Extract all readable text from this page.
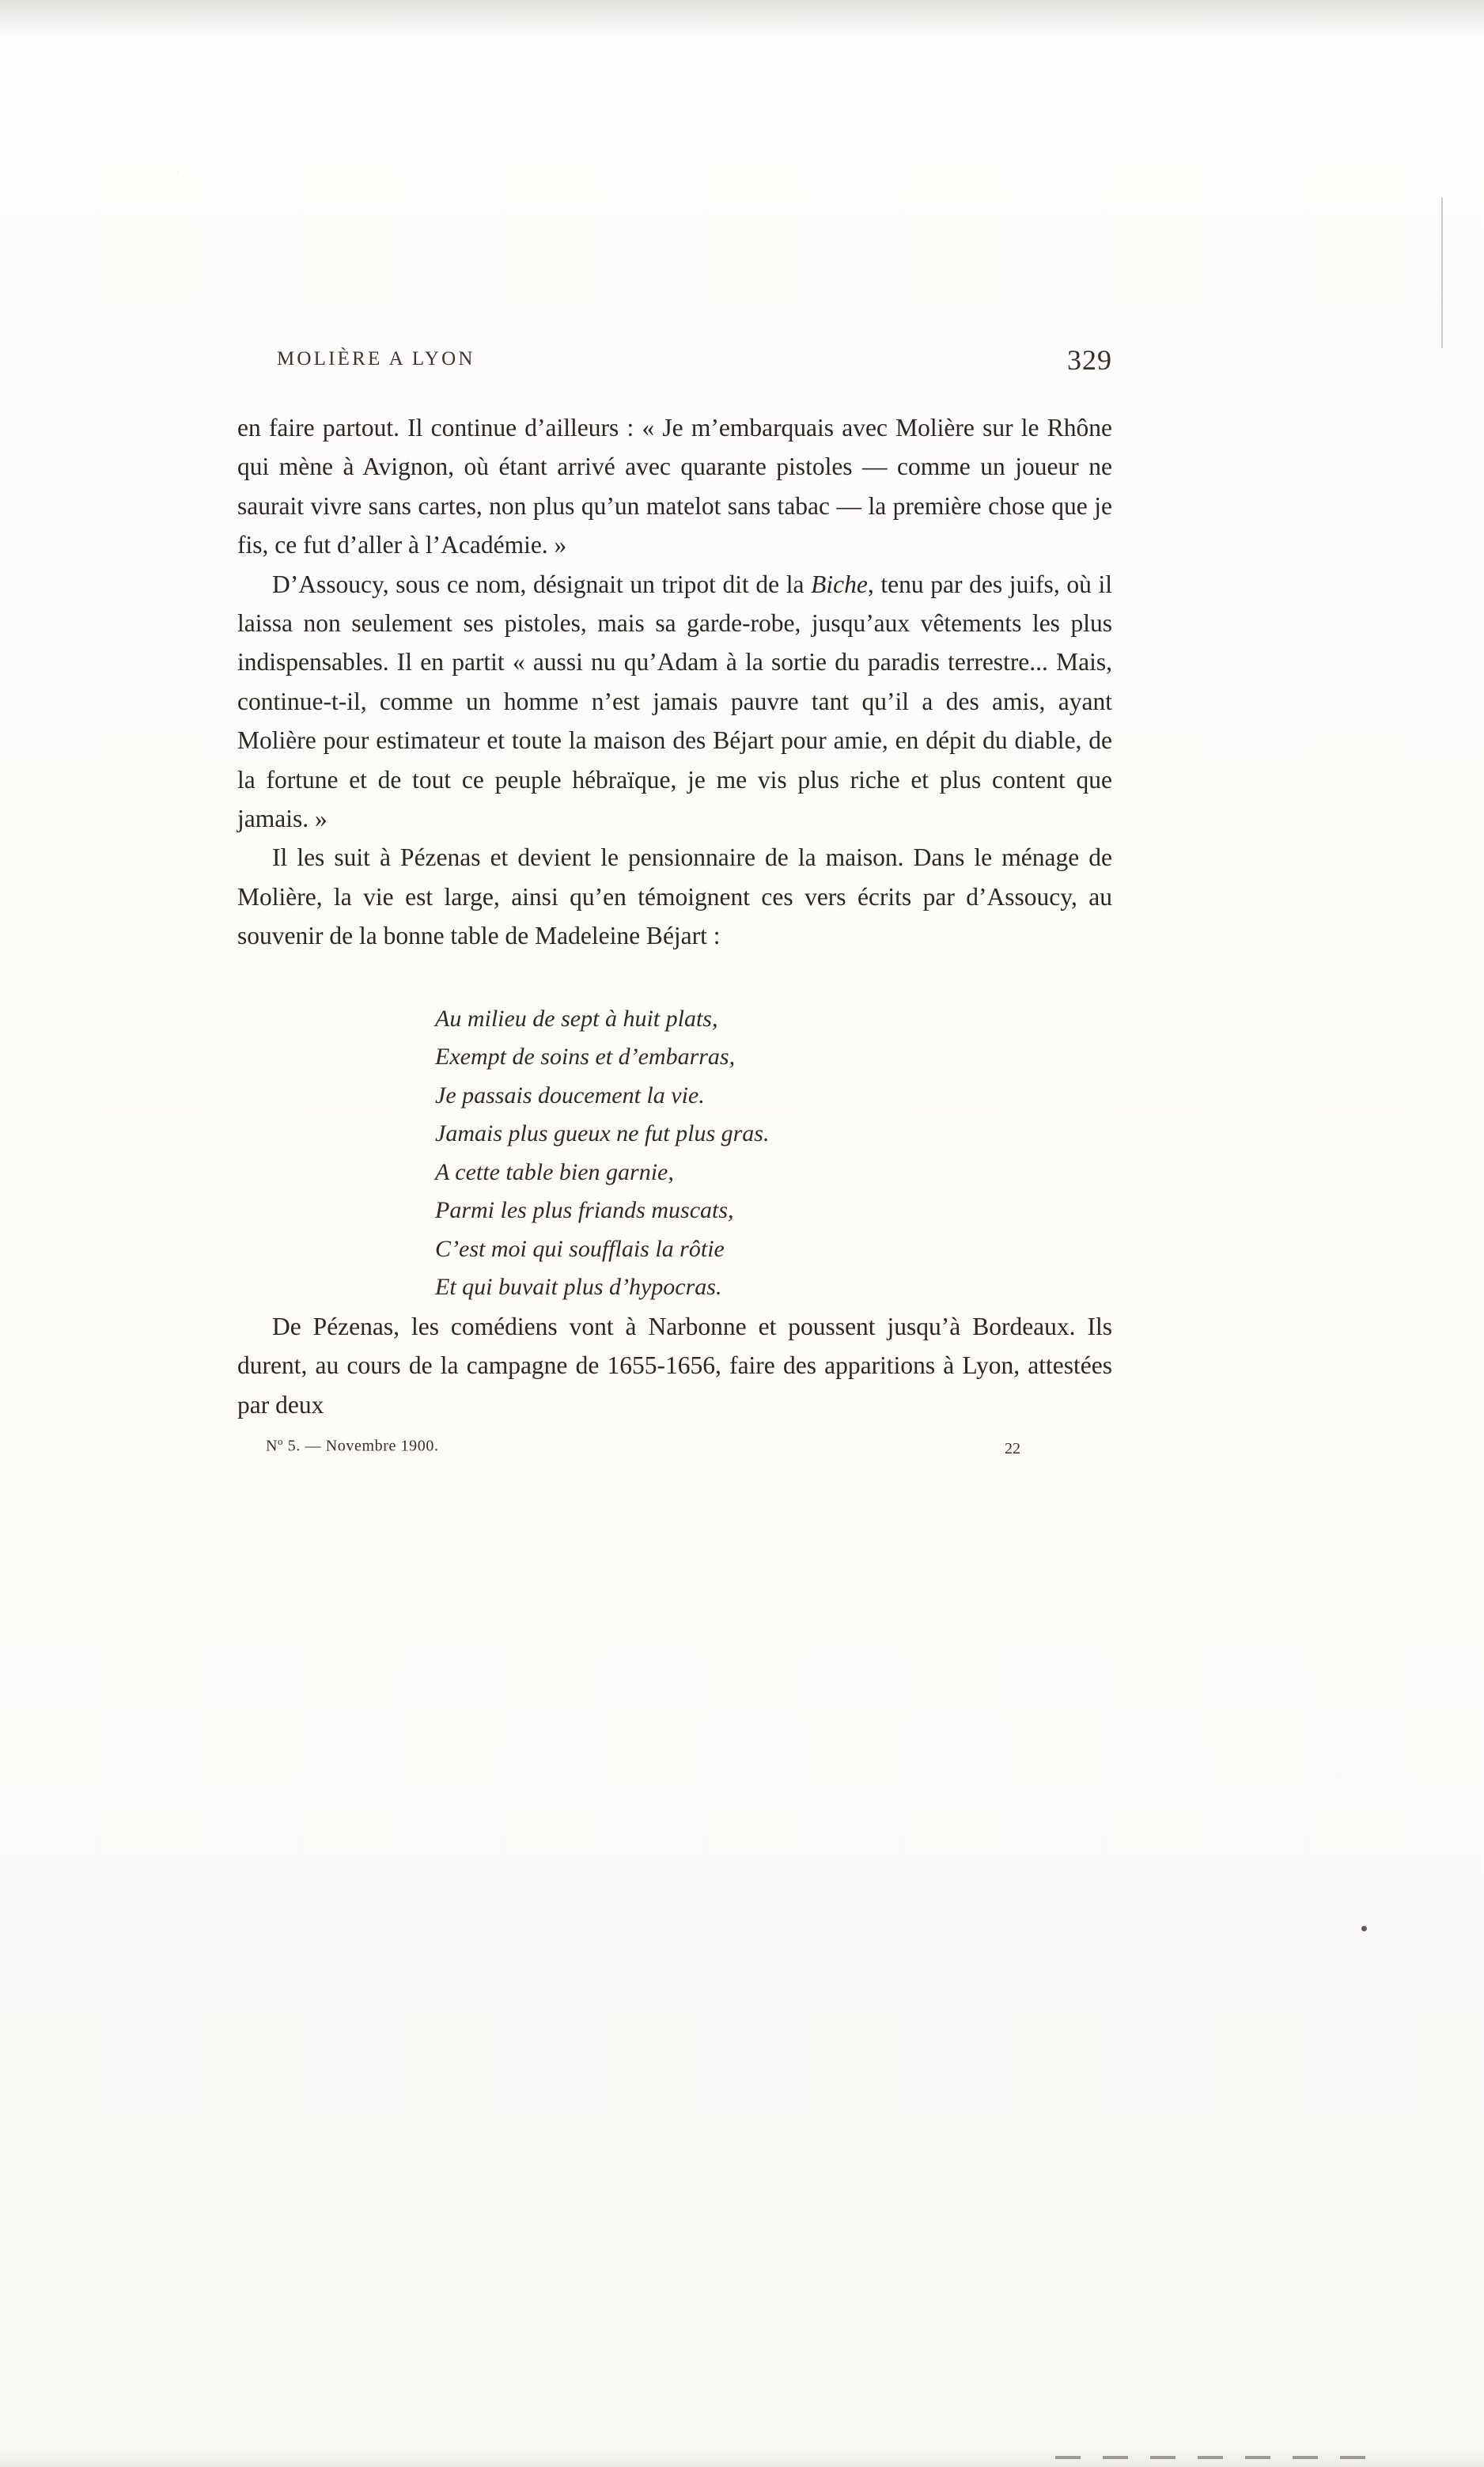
MOLIÈRE A LYON	329

en faire partout. Il continue d’ailleurs : « Je m’embarquais avec Molière sur le Rhône qui mène à Avignon, où étant arrivé avec quarante pistoles — comme un joueur ne saurait vivre sans cartes, non plus qu’un matelot sans tabac — la première chose que je fis, ce fut d’aller à l’Académie. »

D’Assoucy, sous ce nom, désignait un tripot dit de la Biche, tenu par des juifs, où il laissa non seulement ses pistoles, mais sa garde-robe, jusqu’aux vêtements les plus indispensables. Il en partit « aussi nu qu’Adam à la sortie du paradis terrestre... Mais, continue-t-il, comme un homme n’est jamais pauvre tant qu’il a des amis, ayant Molière pour estimateur et toute la maison des Béjart pour amie, en dépit du diable, de la fortune et de tout ce peuple hébraïque, je me vis plus riche et plus content que jamais. »

Il les suit à Pézenas et devient le pensionnaire de la maison. Dans le ménage de Molière, la vie est large, ainsi qu’en témoignent ces vers écrits par d’Assoucy, au souvenir de la bonne table de Madeleine Béjart :

Au milieu de sept à huit plats,
Exempt de soins et d’embarras,
Je passais doucement la vie.
Jamais plus gueux ne fut plus gras.
A cette table bien garnie,
Parmi les plus friands muscats,
C’est moi qui soufflais la rôtie
Et qui buvait plus d’hypocras.

De Pézenas, les comédiens vont à Narbonne et poussent jusqu’à Bordeaux. Ils durent, au cours de la campagne de 1655-1656, faire des apparitions à Lyon, attestées par deux

$N^o$ 5. — Novembre 1900.	22
